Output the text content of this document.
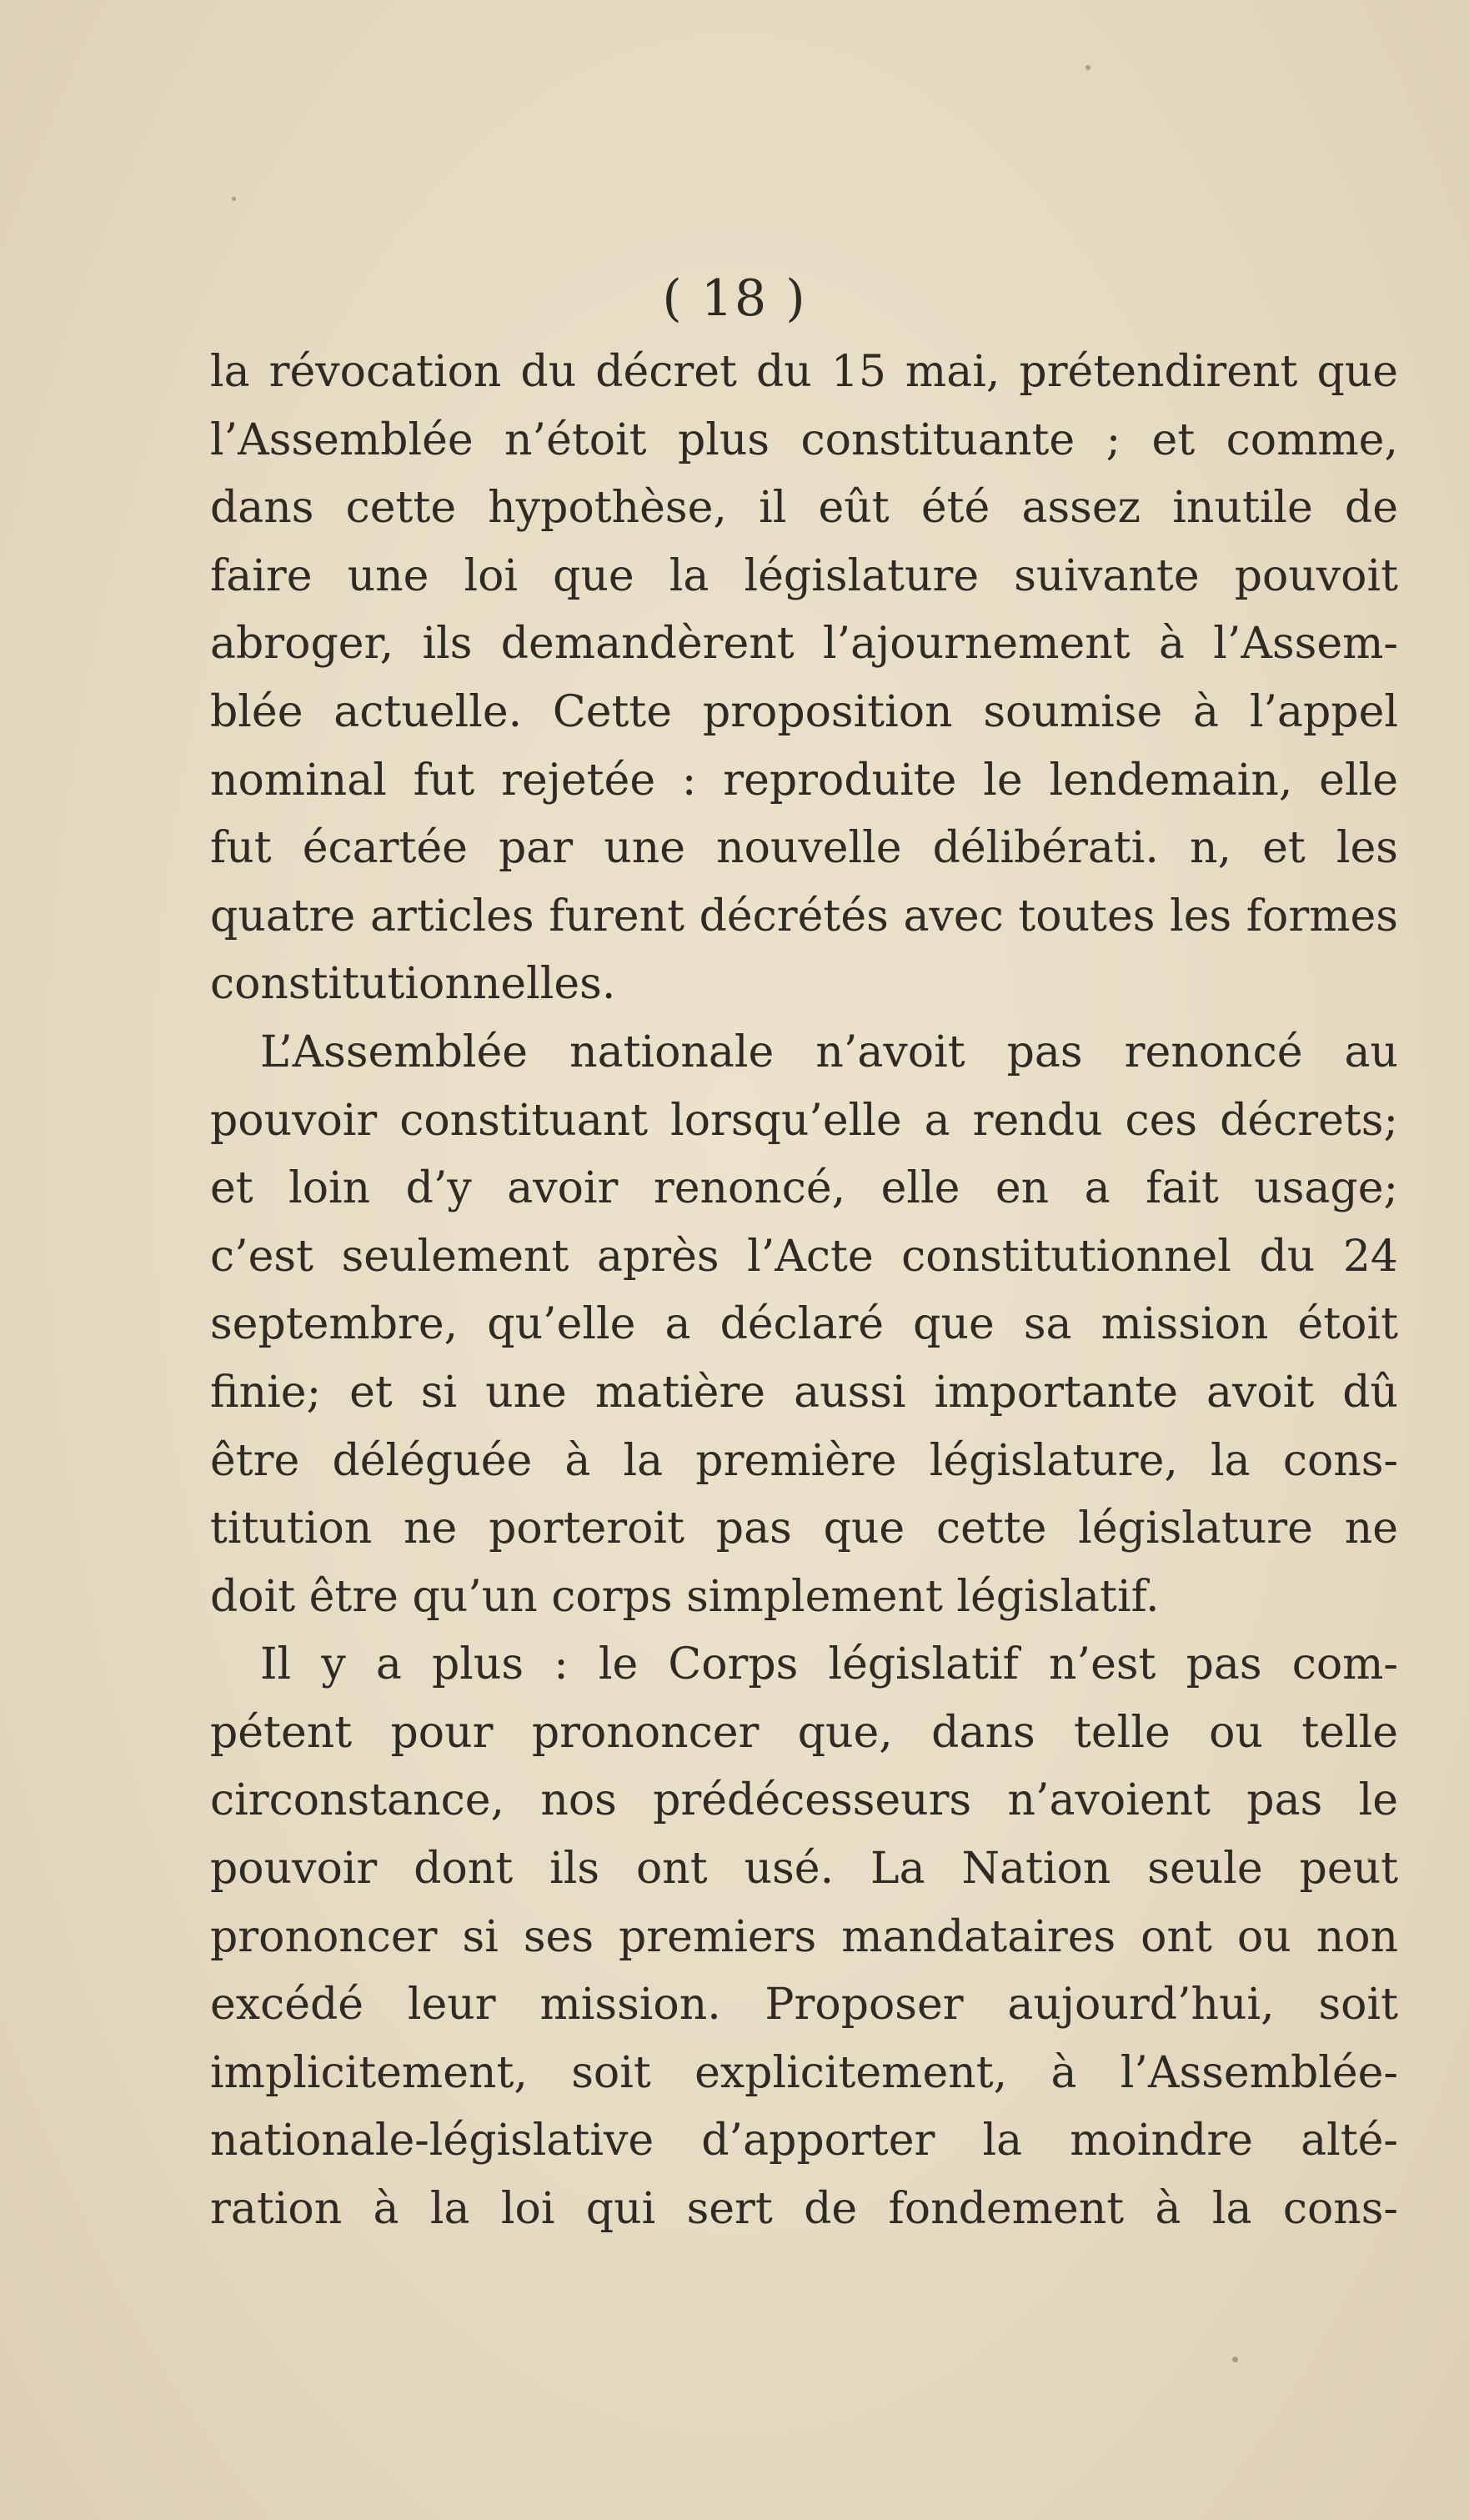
( 18 )
la révocation du décret du 15 mai, prétendirent que
l’Assemblée n’étoit plus constituante ; et comme,
dans cette hypothèse, il eût été assez inutile de
faire une loi que la législature suivante pouvoit
abroger, ils demandèrent l’ajournement à l’Assem-
blée actuelle. Cette proposition soumise à l’appel
nominal fut rejetée : reproduite le lendemain, elle
fut écartée par une nouvelle délibérati. n, et les
quatre articles furent décrétés avec toutes les formes
constitutionnelles.
L’Assemblée nationale n’avoit pas renoncé au
pouvoir constituant lorsqu’elle a rendu ces décrets;
et loin d’y avoir renoncé, elle en a fait usage;
c’est seulement après l’Acte constitutionnel du 24
septembre, qu’elle a déclaré que sa mission étoit
finie; et si une matière aussi importante avoit dû
être déléguée à la première législature, la cons-
titution ne porteroit pas que cette législature ne
doit être qu’un corps simplement législatif.
Il y a plus : le Corps législatif n’est pas com-
pétent pour prononcer que, dans telle ou telle
circonstance, nos prédécesseurs n’avoient pas le
pouvoir dont ils ont usé. La Nation seule peut
prononcer si ses premiers mandataires ont ou non
excédé leur mission. Proposer aujourd’hui, soit
implicitement, soit explicitement, à l’Assemblée-
nationale-législative d’apporter la moindre alté-
ration à la loi qui sert de fondement à la cons-
